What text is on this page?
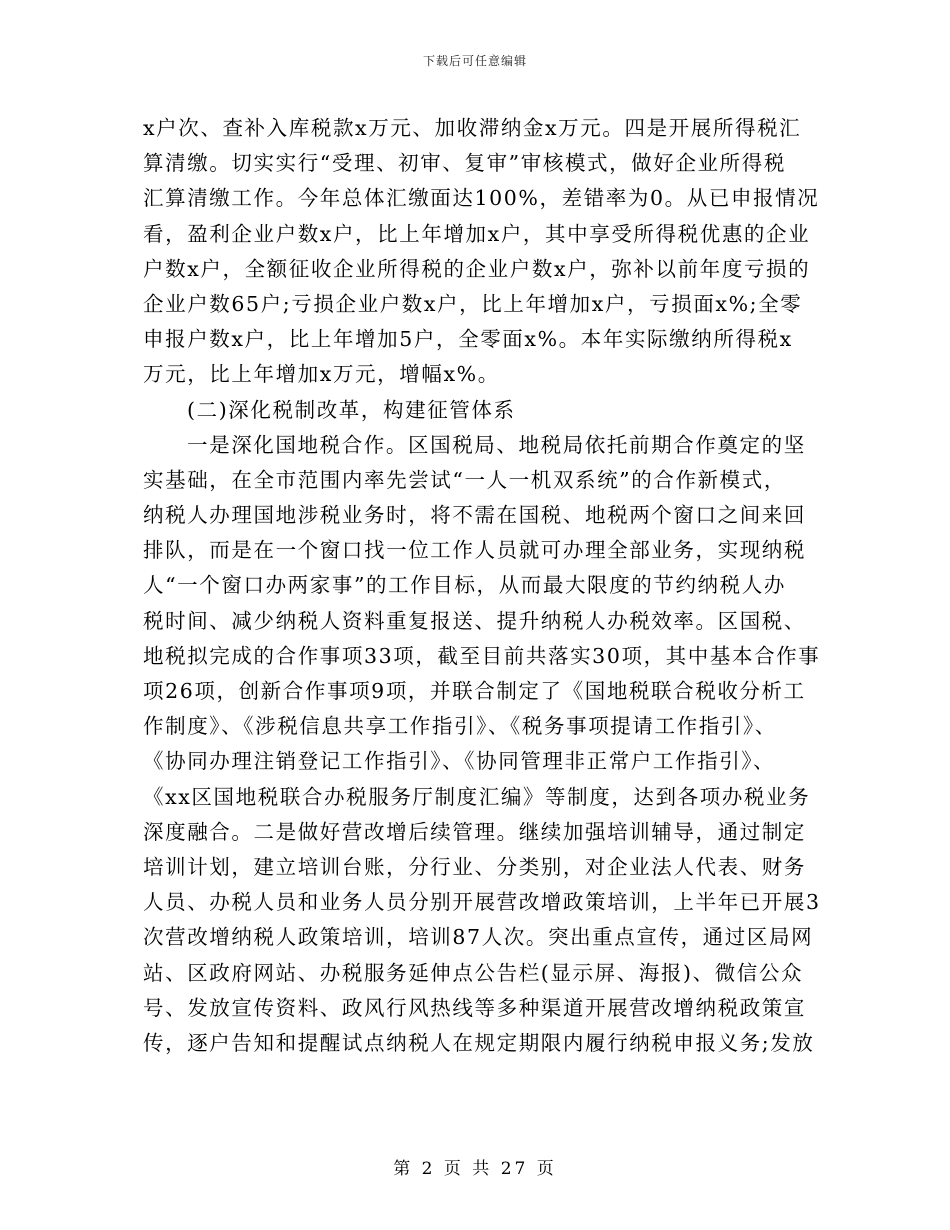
下载后可任意编辑
x户次、查补入库税款x万元、加收滞纳金x万元。四是开展所得税汇
算清缴。切实实行“受理、初审、复审”审核模式，做好企业所得税
汇算清缴工作。今年总体汇缴面达100%，差错率为0。从已申报情况
看，盈利企业户数x户，比上年增加x户，其中享受所得税优惠的企业
户数x户，全额征收企业所得税的企业户数x户，弥补以前年度亏损的
企业户数65户;亏损企业户数x户，比上年增加x户，亏损面x%;全零
申报户数x户，比上年增加5户，全零面x%。本年实际缴纳所得税x
万元，比上年增加x万元，增幅x%。
(二)深化税制改革，构建征管体系
一是深化国地税合作。区国税局、地税局依托前期合作奠定的坚
实基础，在全市范围内率先尝试“一人一机双系统”的合作新模式，
纳税人办理国地涉税业务时，将不需在国税、地税两个窗口之间来回
排队，而是在一个窗口找一位工作人员就可办理全部业务，实现纳税
人“一个窗口办两家事”的工作目标，从而最大限度的节约纳税人办
税时间、减少纳税人资料重复报送、提升纳税人办税效率。区国税、
地税拟完成的合作事项33项，截至目前共落实30项，其中基本合作事
项26项，创新合作事项9项，并联合制定了《国地税联合税收分析工
作制度》、《涉税信息共享工作指引》、《税务事项提请工作指引》、
《协同办理注销登记工作指引》、《协同管理非正常户工作指引》、
《xx区国地税联合办税服务厅制度汇编》等制度，达到各项办税业务
深度融合。二是做好营改增后续管理。继续加强培训辅导，通过制定
培训计划，建立培训台账，分行业、分类别，对企业法人代表、财务
人员、办税人员和业务人员分别开展营改增政策培训，上半年已开展3
次营改增纳税人政策培训，培训87人次。突出重点宣传，通过区局网
站、区政府网站、办税服务延伸点公告栏(显示屏、海报)、微信公众
号、发放宣传资料、政风行风热线等多种渠道开展营改增纳税政策宣
传，逐户告知和提醒试点纳税人在规定期限内履行纳税申报义务;发放
第 2 页 共 27 页
